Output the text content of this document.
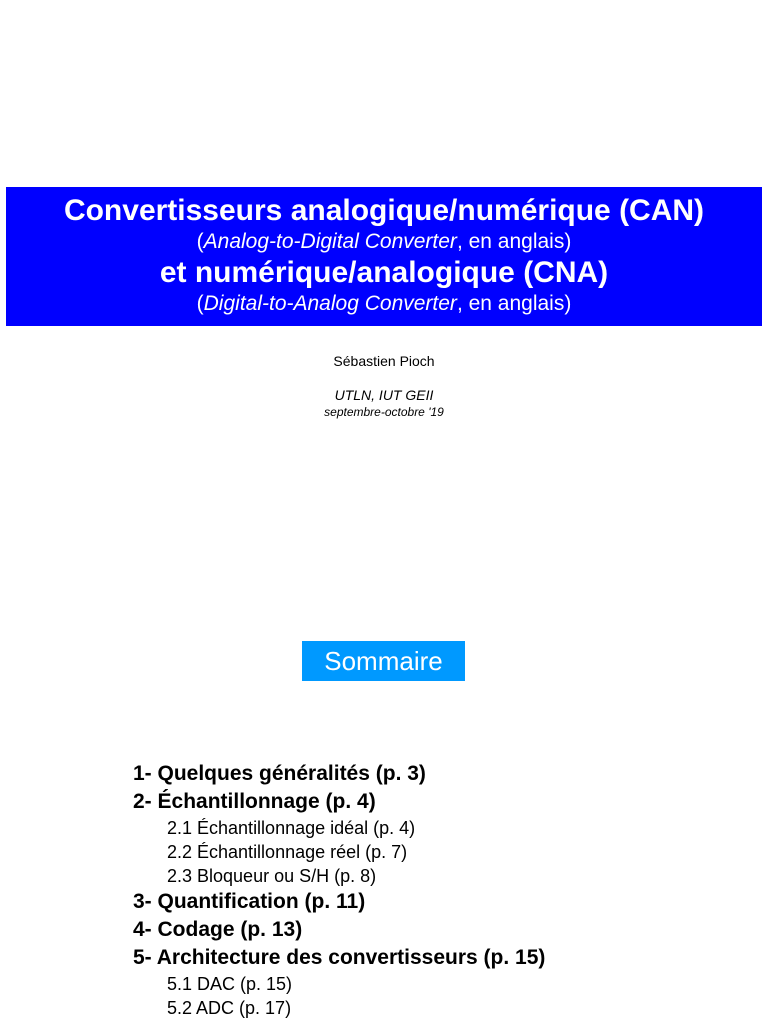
Convertisseurs analogique/numérique (CAN)
(Analog-to-Digital Converter, en anglais)
et numérique/analogique (CNA)
(Digital-to-Analog Converter, en anglais)
Sébastien Pioch
UTLN, IUT GEII
septembre-octobre '19
Sommaire
1- Quelques généralités (p. 3)
2- Échantillonnage (p. 4)
2.1 Échantillonnage idéal (p. 4)
2.2 Échantillonnage réel (p. 7)
2.3 Bloqueur ou S/H (p. 8)
3- Quantification (p. 11)
4- Codage (p. 13)
5- Architecture des convertisseurs (p. 15)
5.1 DAC (p. 15)
5.2 ADC (p. 17)
